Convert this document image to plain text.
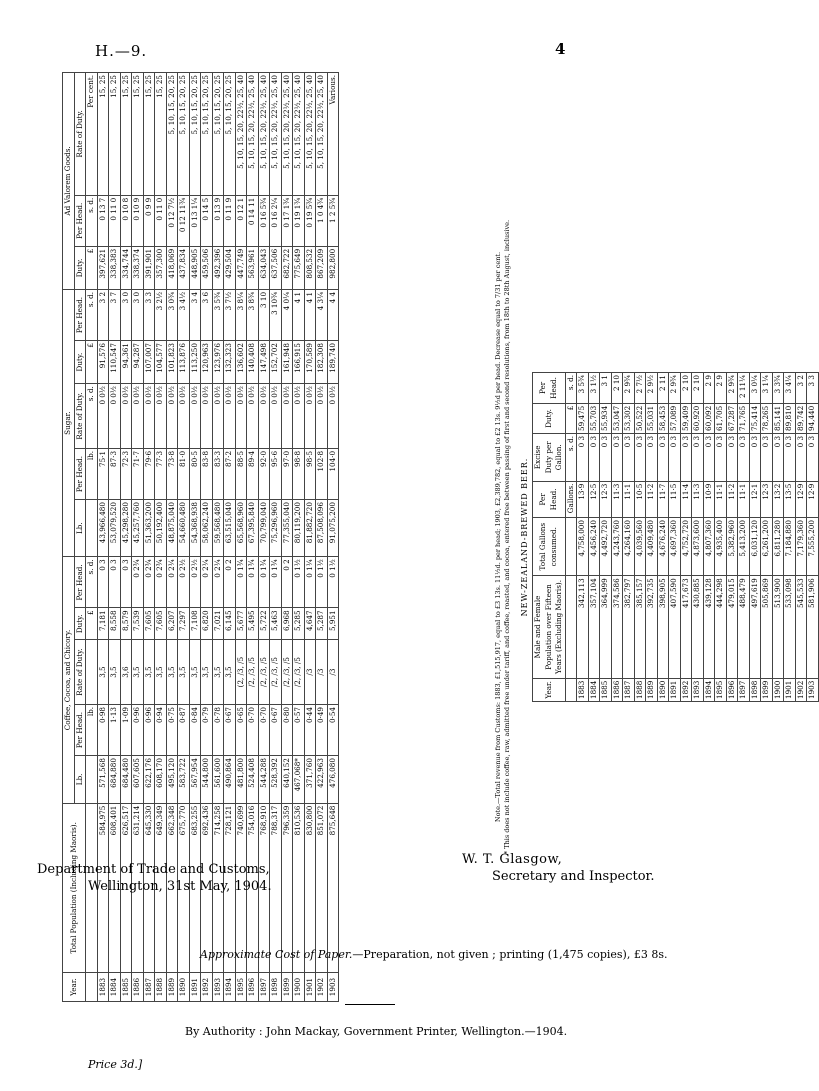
H.—9.	4
Year.	Total Population (Including Maoris).	Coffee, Cocoa, and Chicory.					Sugar.					Ad Valorem Goods.		
		Lb.	Per Head.	Rate of Duty.	Duty.	Per Head.	Lb.	Per Head.	Rate of Duty.	Duty.	Per Head.	Duty.	Per Head.	Rate of Duty.
			lb.		£	s. d.		lb.	s. d.	£	s. d.	£	s. d.	Per cent.
1883	584,975	571,568	0·98	3,5	7,181	0 3	43,966,480	75·1	0 0½	91,576	3 2	397,621	0 13 7	15, 25
1884	608,401	684,880	1·13	3,5	8,558	0 3	53,079,520	87·3	0 0½	110,547	3 7	338,383	0 11 0	15, 25
1885	626,517	684,480	1·09	3,6	8,579	0 3	45,298,280	72·3	0 0½	94,361	3 0	334,744	0 10 8	15, 25
1886	631,214	607,605	0·96	3,5	7,539	0 2¾	45,257,760	71·7	0 0½	94,287	3 0	338,374	0 10 9	15, 25
1887	645,330	622,176	0·96	3,5	7,605	0 2¾	51,363,200	79·6	0 0½	107,007	3 3	391,901	0 9 9	15, 25
1888	649,349	608,170	0·94	3,5	7,605	0 2¾	50,192,400	77·3	0 0½	104,577	3 2½	357,300	0 11 0	15, 25
1889	662,348	495,120	0·75	3,5	6,207	0 2¼	48,875,040	73·8	0 0½	101,823	3 0¾	418,069	0 12 7½	5, 10, 15, 20, 25
1890	675,770	583,722	0·87	3,5	7,297	0 2½	54,660,480	81·0	0 0½	113,876	3 4½	437,834	0 12 11¾	5, 10, 15, 20, 25
1891	683,255	567,954	0·84	3,5	7,108	0 2½	54,368,938	80·5	0 0½	113,250	3 4	448,905	0 13 1¼	5, 10, 15, 20, 25
1892	692,436	544,800	0·79	3,5	6,820	0 2¼	58,062,240	83·8	0 0½	120,963	3 6	459,506	0 14 5	5, 10, 15, 20, 25
1893	714,258	561,600	0·78	3,5	7,021	0 2¼	59,568,480	83·3	0 0½	123,976	3 5¾	492,396	0 13 9	5, 10, 15, 20, 25
1894	728,121	490,864	0·67	3,5	6,145	0 2	63,515,040	87·2	0 0½	132,323	3 7½	429,504	0 11 9	5, 10, 15, 20, 25
1895	740,699	481,800	0·65	(2, /3, /5	5,677	0 1¾	65,568,960	88·5	0 0½	136,602	3 8¼	447,749	0 12 1	5, 10, 15, 20, 22½, 25, 40
1896	754,016	524,408	0·70	/2, /3, /5	5,495	0 1¾	67,395,840	89·4	0 0½	140,408	3 8¾	563,961	0 14 11	5, 10, 15, 20, 22½, 25, 40
1897	768,910	544,288	0·70	/2, /3, /5	5,722	0 1¾	70,799,040	92·0	0 0½	147,498	3 10	634,043	0 16 5¾	5, 10, 15, 20, 22½, 25, 40
1898	788,317	528,392	0·67	/2, /3, /5	5,463	0 1¾	75,296,960	95·6	0 0½	152,702	3 10¾	637,506	0 16 2¼	5, 10, 15, 20, 22½, 25, 40
1899	796,359	640,152	0·80	/2, /3, /5	6,968	0 2	77,355,040	97·0	0 0½	161,948	4 0¼	682,722	0 17 1¾	5, 10, 15, 20, 22½, 25, 40
1900	810,536	467,068*	0·57	/2, /3, /5	5,285	0 1½	80,119,200	98·8	0 0½	166,915	4 1	775,649	0 19 1¾	5, 10, 15, 20, 22½, 25, 40
1901	830,800	371,760	0·44	/3	4,647	0 1¼	81,882,720	98·5	0 0½	170,589	4 1	808,532	0 19 5¾	5, 10, 15, 20, 22½, 25, 40
1902	851,072	422,963	0·49	/3	5,287	0 1½	87,508,096	102·8	0 0½	182,308	4 3¼	867,209	1 0 4¾	5, 10, 15, 20, 22½, 25, 40
1903	875,648	476,080	0·54	/3	5,951	0 1½	91,075,200	104·0	0 0½	189,740	4 4	982,800	1 2 5¾	Various.
Note.—Total revenue from Customs: 1883, £1,515,917, equal to £3 13s. 11½d. per head; 1903, £2,389,782, equal to £2 13s. 9½d per head. Decrease equal to 7/31 per cent. * This does not include coffee, raw, admitted free under tariff, and coffee, roasted, and cocoa, entered free between passing of first and second resolutions, from 18th to 28th August, inclusive. NEW-ZEALAND-BREWED BEER.
Year.	Male and Female Population over Fifteen Years (Excluding Maoris).	Total Gallons consumed.	Per Head.	Excise Duty per Gallon.	Duty.	Per Head.
			Gallons.	s. d.	£	s. d.
1883	342,113	4,758,000	13·9	0 3	59,475	3 5¾
1884	357,104	4,456,240	12·5	0 3	55,703	3 1½
1885	364,999	4,492,720	12·3	0 3	55,934	3 1
1886	374,586	4,243,760	11·3	0 3	53,047	2 10
1887	382,797	4,264,160	11·1	0 3	53,302	2 9¾
1888	385,157	4,039,560	10·5	0 3	50,522	2 7½
1889	392,735	4,409,480	11·2	0 3	55,031	2 9½
1890	398,905	4,676,240	11·7	0 3	58,453	2 11
1891	407,590	4,697,360	11·5	0 3	57,089	2 9¾
1892	417,673	4,752,720	11·4	0 3	59,409	2 10
1893	430,885	4,873,600	11·3	0 3	60,920	2 10
1894	439,128	4,807,360	10·9	0 3	60,092	2 9
1895	444,298	4,935,400	11·1	0 3	61,705	2 9
1896	479,015	5,382,960	11·2	0 3	67,287	2 9¾
1897	488,479	5,413,200	11·1	0 3	71,765	2 11¼
1898	497,619	6,031,120	12·1	0 3	75,414	3 0¼
1899	505,869	6,261,200	12·3	0 3	78,265	3 1¼
1900	513,900	6,811,280	13·2	0 3	85,141	3 3¾
1901	533,098	7,184,880	13·5	0 3	89,810	3 4¼
1902	545,533	7,179,360	12·9	0 3	89,742	3 2
1903	581,906	7,555,200	12·9	0 3	94,440	3 3
Department of Trade and Customs,
Wellington, 31st May, 1904.
W. T. Glasgow,
Secretary and Inspector.
Approximate Cost of Paper.—Preparation, not given ; printing (1,475 copies), £3 8s.
By Authority : John Mackay, Government Printer, Wellington.—1904.
Price 3d.]
